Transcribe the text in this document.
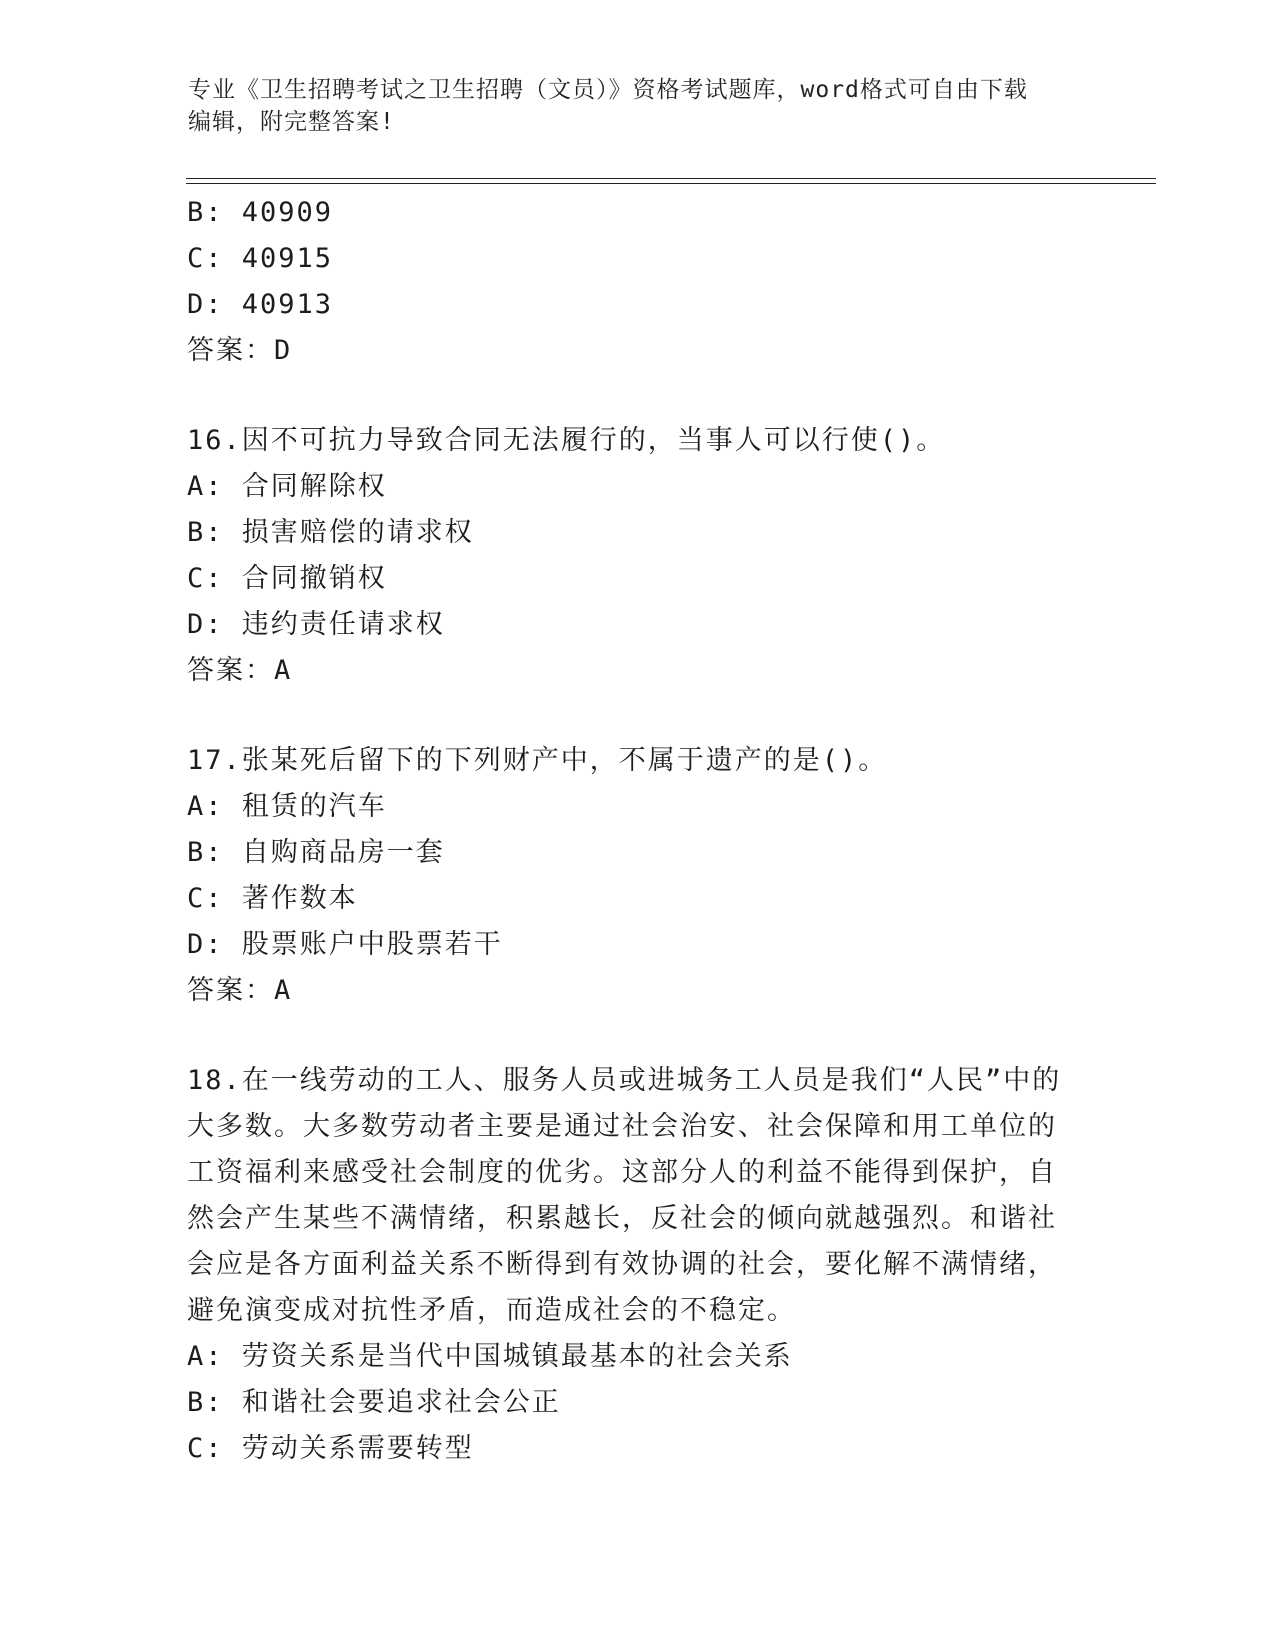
专业《卫生招聘考试之卫生招聘（文员）》资格考试题库，word格式可自由下载
编辑，附完整答案!
B: 40909
C: 40915
D: 40913
答案：D
16.因不可抗力导致合同无法履行的，当事人可以行使()。
A: 合同解除权
B: 损害赔偿的请求权
C: 合同撤销权
D: 违约责任请求权
答案：A
17.张某死后留下的下列财产中，不属于遗产的是()。
A: 租赁的汽车
B: 自购商品房一套
C: 著作数本
D: 股票账户中股票若干
答案：A
18.在一线劳动的工人、服务人员或进城务工人员是我们“人民”中的
大多数。大多数劳动者主要是通过社会治安、社会保障和用工单位的
工资福利来感受社会制度的优劣。这部分人的利益不能得到保护，自
然会产生某些不满情绪，积累越长，反社会的倾向就越强烈。和谐社
会应是各方面利益关系不断得到有效协调的社会，要化解不满情绪，
避免演变成对抗性矛盾，而造成社会的不稳定。
A: 劳资关系是当代中国城镇最基本的社会关系
B: 和谐社会要追求社会公正
C: 劳动关系需要转型
